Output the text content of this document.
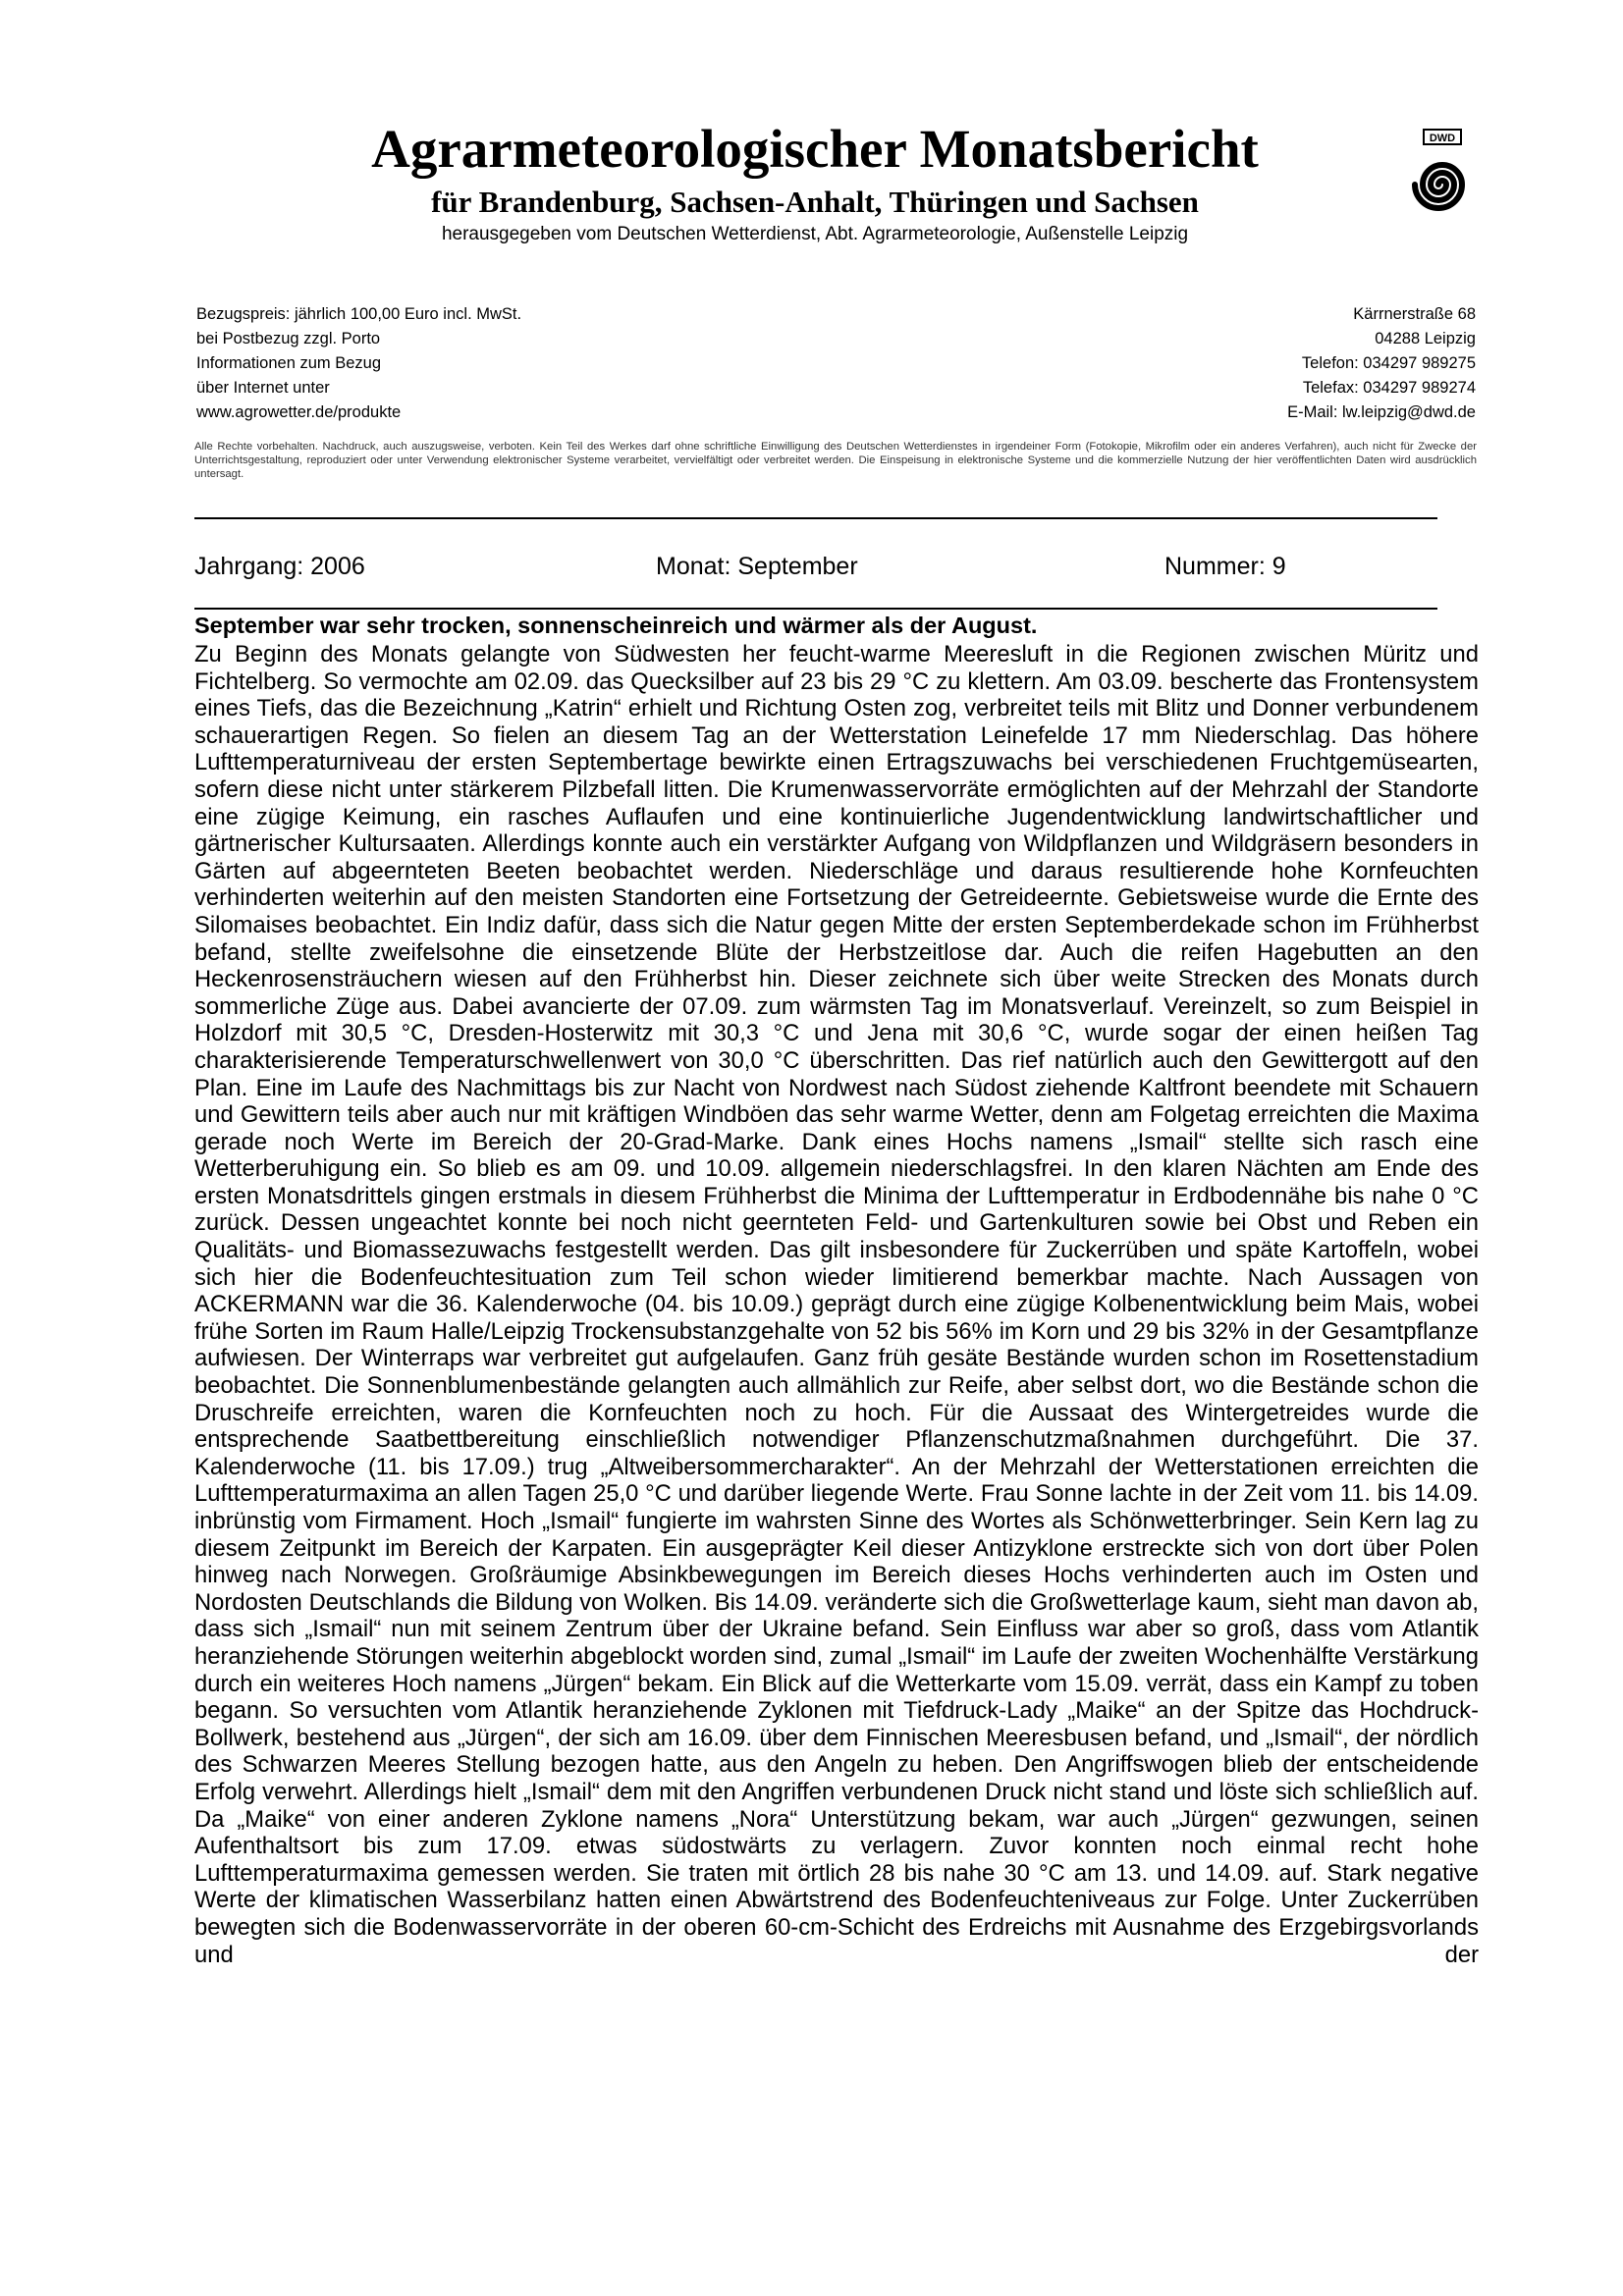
Agrarmeteorologischer Monatsbericht
für Brandenburg, Sachsen-Anhalt, Thüringen und Sachsen
herausgegeben vom Deutschen Wetterdienst, Abt. Agrarmeteorologie, Außenstelle Leipzig
DWD
Bezugspreis: jährlich 100,00 Euro incl. MwSt.
bei Postbezug zzgl. Porto
Informationen zum Bezug
über Internet unter
www.agrowetter.de/produkte
Kärrnerstraße 68
04288 Leipzig
Telefon: 034297 989275
Telefax: 034297 989274
E-Mail: lw.leipzig@dwd.de
Alle Rechte vorbehalten. Nachdruck, auch auszugsweise, verboten. Kein Teil des Werkes darf ohne schriftliche Einwilligung des Deutschen Wetterdienstes in irgendeiner Form (Fotokopie, Mikrofilm oder ein anderes Verfahren), auch nicht für Zwecke der Unterrichtsgestaltung, reproduziert oder unter Verwendung elektronischer Systeme verarbeitet, vervielfältigt oder verbreitet werden. Die Einspeisung in elektronische Systeme und die kommerzielle Nutzung der hier veröffentlichten Daten wird ausdrücklich untersagt.
Jahrgang: 2006	Monat: September	Nummer: 9
September war sehr trocken, sonnenscheinreich und wärmer als der August.

Zu Beginn des Monats gelangte von Südwesten her feucht-warme Meeresluft in die Regionen zwischen Müritz und Fichtelberg. So vermochte am 02.09. das Quecksilber auf 23 bis 29 °C zu klettern. Am 03.09. bescherte das Frontensystem eines Tiefs, das die Bezeichnung „Katrin“ erhielt und Richtung Osten zog, verbreitet teils mit Blitz und Donner verbundenem schauerartigen Regen. So fielen an diesem Tag an der Wetterstation Leinefelde 17 mm Niederschlag. Das höhere Lufttemperaturniveau der ersten Septembertage bewirkte einen Ertragszuwachs bei verschiedenen Fruchtgemüsearten, sofern diese nicht unter stärkerem Pilzbefall litten. Die Krumenwasservorräte ermöglichten auf der Mehrzahl der Standorte eine zügige Keimung, ein rasches Auflaufen und eine kontinuierliche Jugendentwicklung landwirtschaftlicher und gärtnerischer Kultursaaten. Allerdings konnte auch ein verstärkter Aufgang von Wildpflanzen und Wildgräsern besonders in Gärten auf abgeernteten Beeten beobachtet werden. Niederschläge und daraus resultierende hohe Kornfeuchten verhinderten weiterhin auf den meisten Standorten eine Fortsetzung der Getreideernte. Gebietsweise wurde die Ernte des Silomaises beobachtet. Ein Indiz dafür, dass sich die Natur gegen Mitte der ersten Septemberdekade schon im Frühherbst befand, stellte zweifelsohne die einsetzende Blüte der Herbstzeitlose dar. Auch die reifen Hagebutten an den Heckenrosensträuchern wiesen auf den Frühherbst hin. Dieser zeichnete sich über weite Strecken des Monats durch sommerliche Züge aus. Dabei avancierte der 07.09. zum wärmsten Tag im Monatsverlauf. Vereinzelt, so zum Beispiel in Holzdorf mit 30,5 °C, Dresden-Hosterwitz mit 30,3 °C und Jena mit 30,6 °C, wurde sogar der einen heißen Tag charakterisierende Temperaturschwellenwert von 30,0 °C überschritten. Das rief natürlich auch den Gewittergott auf den Plan. Eine im Laufe des Nachmittags bis zur Nacht von Nordwest nach Südost ziehende Kaltfront beendete mit Schauern und Gewittern teils aber auch nur mit kräftigen Windböen das sehr warme Wetter, denn am Folgetag erreichten die Maxima gerade noch Werte im Bereich der 20-Grad-Marke. Dank eines Hochs namens „Ismail“ stellte sich rasch eine Wetterberuhigung ein. So blieb es am 09. und 10.09. allgemein niederschlagsfrei. In den klaren Nächten am Ende des ersten Monatsdrittels gingen erstmals in diesem Frühherbst die Minima der Lufttemperatur in Erdbodennähe bis nahe 0 °C zurück. Dessen ungeachtet konnte bei noch nicht geernteten Feld- und Gartenkulturen sowie bei Obst und Reben ein Qualitäts- und Biomassezuwachs festgestellt werden. Das gilt insbesondere für Zuckerrüben und späte Kartoffeln, wobei sich hier die Bodenfeuchtesituation zum Teil schon wieder limitierend bemerkbar machte. Nach Aussagen von ACKERMANN war die 36. Kalenderwoche (04. bis 10.09.) geprägt durch eine zügige Kolbenentwicklung beim Mais, wobei frühe Sorten im Raum Halle/Leipzig Trockensubstanzgehalte von 52 bis 56% im Korn und 29 bis 32% in der Gesamtpflanze aufwiesen. Der Winterraps war verbreitet gut aufgelaufen. Ganz früh gesäte Bestände wurden schon im Rosettenstadium beobachtet. Die Sonnenblumenbestände gelangten auch allmählich zur Reife, aber selbst dort, wo die Bestände schon die Druschreife erreichten, waren die Kornfeuchten noch zu hoch. Für die Aussaat des Wintergetreides wurde die entsprechende Saatbettbereitung einschließlich notwendiger Pflanzenschutzmaßnahmen durchgeführt. Die 37. Kalenderwoche (11. bis 17.09.) trug „Altweibersommercharakter“. An der Mehrzahl der Wetterstationen erreichten die Lufttemperaturmaxima an allen Tagen 25,0 °C und darüber liegende Werte. Frau Sonne lachte in der Zeit vom 11. bis 14.09. inbrünstig vom Firmament. Hoch „Ismail“ fungierte im wahrsten Sinne des Wortes als Schönwetterbringer. Sein Kern lag zu diesem Zeitpunkt im Bereich der Karpaten. Ein ausgeprägter Keil dieser Antizyklone erstreckte sich von dort über Polen hinweg nach Norwegen. Großräumige Absinkbewegungen im Bereich dieses Hochs verhinderten auch im Osten und Nordosten Deutschlands die Bildung von Wolken. Bis 14.09. veränderte sich die Großwetterlage kaum, sieht man davon ab, dass sich „Ismail“ nun mit seinem Zentrum über der Ukraine befand. Sein Einfluss war aber so groß, dass vom Atlantik heranziehende Störungen weiterhin abgeblockt worden sind, zumal „Ismail“ im Laufe der zweiten Wochenhälfte Verstärkung durch ein weiteres Hoch namens „Jürgen“ bekam. Ein Blick auf die Wetterkarte vom 15.09. verrät, dass ein Kampf zu toben begann. So versuchten vom Atlantik heranziehende Zyklonen mit Tiefdruck-Lady „Maike“ an der Spitze das Hochdruck-Bollwerk, bestehend aus „Jürgen“, der sich am 16.09. über dem Finnischen Meeresbusen befand, und „Ismail“, der nördlich des Schwarzen Meeres Stellung bezogen hatte, aus den Angeln zu heben. Den Angriffswogen blieb der entscheidende Erfolg verwehrt. Allerdings hielt „Ismail“ dem mit den Angriffen verbundenen Druck nicht stand und löste sich schließlich auf. Da „Maike“ von einer anderen Zyklone namens „Nora“ Unterstützung bekam, war auch „Jürgen“ gezwungen, seinen Aufenthaltsort bis zum 17.09. etwas südostwärts zu verlagern. Zuvor konnten noch einmal recht hohe Lufttemperaturmaxima gemessen werden. Sie traten mit örtlich 28 bis nahe 30 °C am 13. und 14.09. auf. Stark negative Werte der klimatischen Wasserbilanz hatten einen Abwärtstrend des Bodenfeuchteniveaus zur Folge. Unter Zuckerrüben bewegten sich die Bodenwasservorräte in der oberen 60-cm-Schicht des Erdreichs mit Ausnahme des Erzgebirgsvorlands und der
